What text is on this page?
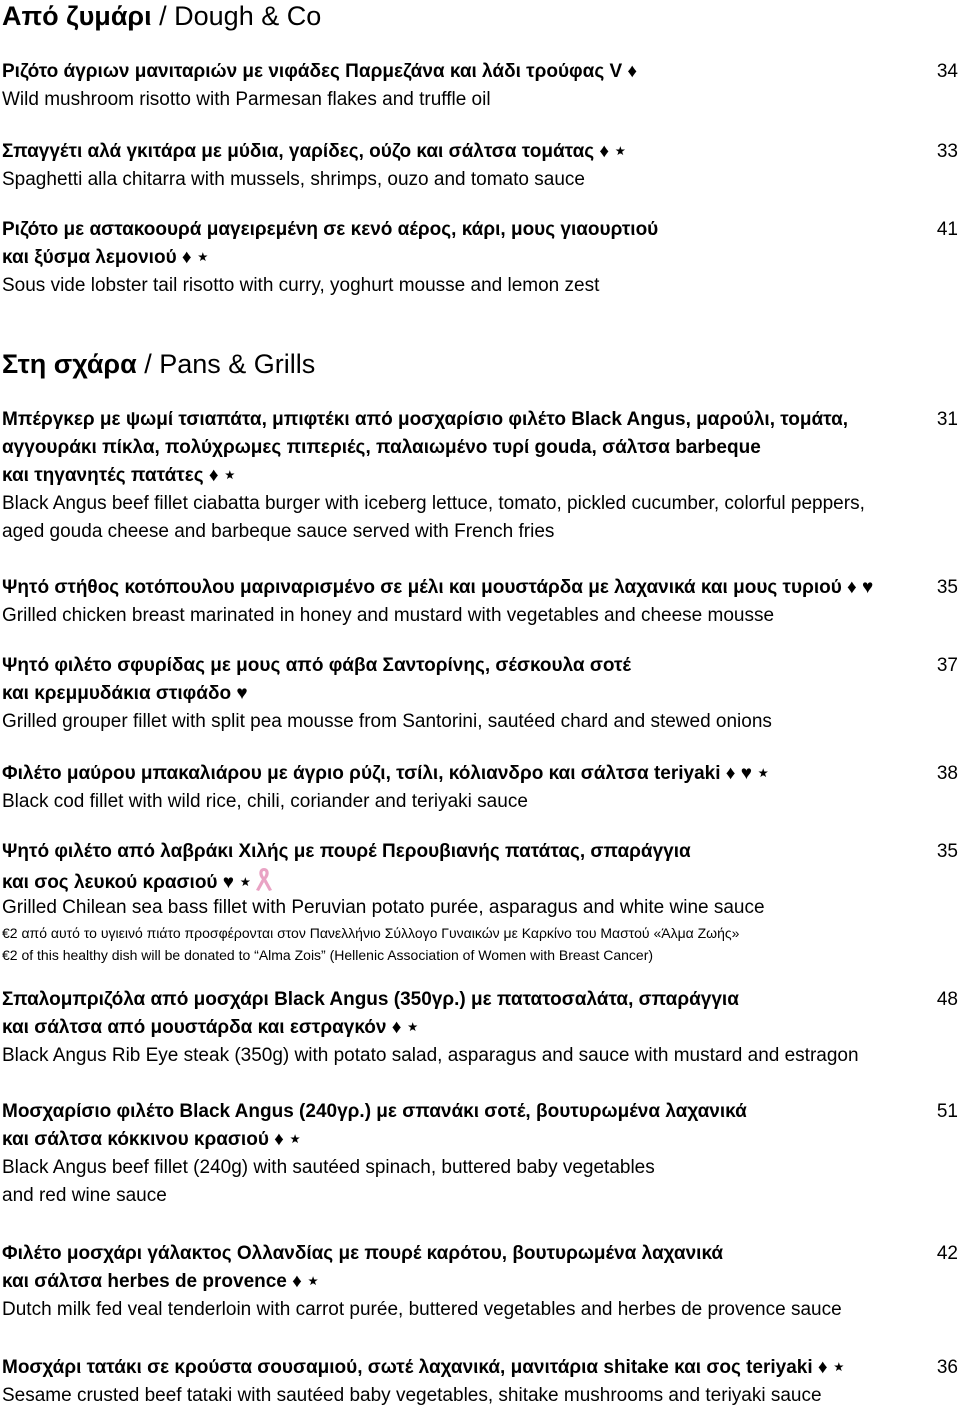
Από ζυμάρι / Dough & Co
Στη σχάρα / Pans & Grills
Ριζότο άγριων μανιταριών με νιφάδες Παρμεζάνα και λάδι τρούφας V ♦
Wild mushroom risotto with Parmesan flakes and truffle oil
34
Σπαγγέτι αλά γκιτάρα με μύδια, γαρίδες, ούζο και σάλτσα τομάτας ♦ ⋆
Spaghetti alla chitarra with mussels, shrimps, ouzo and tomato sauce
33
Ριζότο με αστακοουρά μαγειρεμένη σε κενό αέρος, κάρι, μους γιαουρτιού
και ξύσμα λεμονιού ♦ ⋆
Sous vide lobster tail risotto with curry, yoghurt mousse and lemon zest
41
Μπέργκερ με ψωμί τσιαπάτα, μπιφτέκι από μοσχαρίσιο φιλέτο Black Angus, μαρούλι, τομάτα,
αγγουράκι πίκλα, πολύχρωμες πιπεριές, παλαιωμένο τυρί gouda, σάλτσα barbeque
και τηγανητές πατάτες ♦ ⋆
Black Angus beef fillet ciabatta burger with iceberg lettuce, tomato, pickled cucumber, colorful peppers,
aged gouda cheese and barbeque sauce served with French fries
31
Ψητό στήθος κοτόπουλου μαριναρισμένο σε μέλι και μουστάρδα με λαχανικά και μους τυριού ♦ ♥
Grilled chicken breast marinated in honey and mustard with vegetables and cheese mousse
35
Ψητό φιλέτο σφυρίδας με μους από φάβα Σαντορίνης, σέσκουλα σοτέ
και κρεμμυδάκια στιφάδο ♥
Grilled grouper fillet with split pea mousse from Santorini, sautéed chard and stewed onions
37
Φιλέτο μαύρου μπακαλιάρου με άγριο ρύζι, τσίλι, κόλιανδρο και σάλτσα teriyaki ♦ ♥ ⋆
Black cod fillet with wild rice, chili, coriander and teriyaki sauce
38
Ψητό φιλέτο από λαβράκι Χιλής με πουρέ Περουβιανής πατάτας, σπαράγγια
και σος λευκού κρασιού ♥ ⋆
Grilled Chilean sea bass fillet with Peruvian potato purée, asparagus and white wine sauce
€2 από αυτό το υγιεινό πιάτο προσφέρονται στον Πανελλήνιο Σύλλογο Γυναικών με Καρκίνο του Μαστού «Άλμα Ζωής»
€2 of this healthy dish will be donated to “Alma Zois” (Hellenic Association of Women with Breast Cancer)
35
Σπαλομπριζόλα από μοσχάρι Black Angus (350γρ.) με πατατοσαλάτα, σπαράγγια
και σάλτσα από μουστάρδα και εστραγκόν ♦ ⋆
Black Angus Rib Eye steak (350g) with potato salad, asparagus and sauce with mustard and estragon
48
Μοσχαρίσιο φιλέτο Black Angus (240γρ.) με σπανάκι σοτέ, βουτυρωμένα λαχανικά
και σάλτσα κόκκινου κρασιού ♦ ⋆
Black Angus beef fillet (240g) with sautéed spinach, buttered baby vegetables
and red wine sauce
51
Φιλέτο μοσχάρι γάλακτος Ολλανδίας με πουρέ καρότου, βουτυρωμένα λαχανικά
και σάλτσα herbes de provence ♦ ⋆
Dutch milk fed veal tenderloin with carrot purée, buttered vegetables and herbes de provence sauce
42
Μοσχάρι τατάκι σε κρούστα σουσαμιού, σωτέ λαχανικά, μανιτάρια shitake και σος teriyaki ♦ ⋆
Sesame crusted beef tataki with sautéed baby vegetables, shitake mushrooms and teriyaki sauce
36
